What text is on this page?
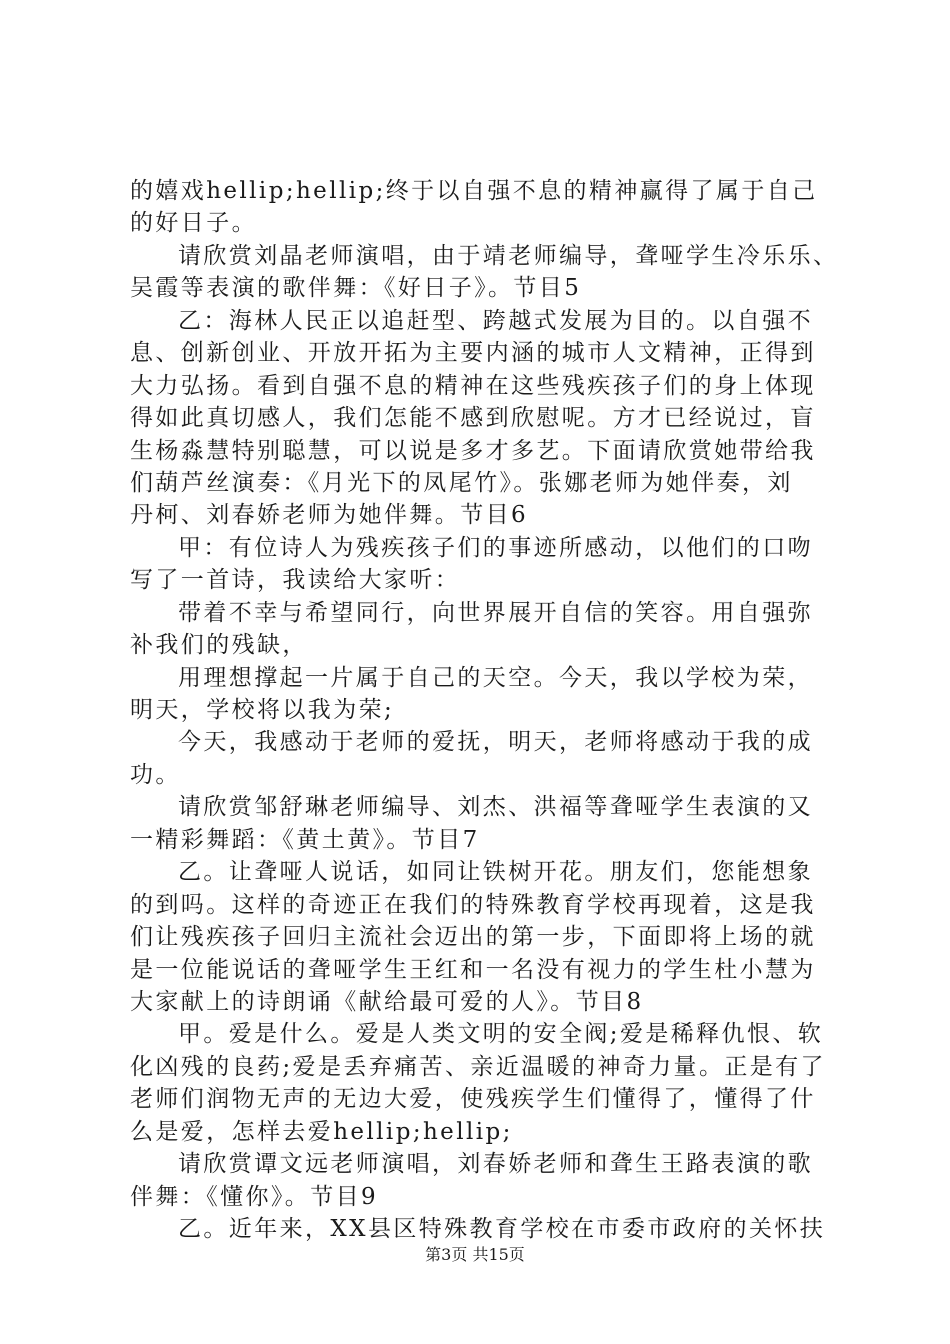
的嬉戏hellip;hellip;终于以自强不息的精神赢得了属于自己
的好日子。
请欣赏刘晶老师演唱，由于靖老师编导，聋哑学生冷乐乐、
吴霞等表演的歌伴舞：《好日子》。节目5
乙：海林人民正以追赶型、跨越式发展为目的。以自强不
息、创新创业、开放开拓为主要内涵的城市人文精神，正得到
大力弘扬。看到自强不息的精神在这些残疾孩子们的身上体现
得如此真切感人，我们怎能不感到欣慰呢。方才已经说过，盲
生杨淼慧特别聪慧，可以说是多才多艺。下面请欣赏她带给我
们葫芦丝演奏：《月光下的凤尾竹》。张娜老师为她伴奏，刘
丹柯、刘春娇老师为她伴舞。节目6
甲：有位诗人为残疾孩子们的事迹所感动，以他们的口吻
写了一首诗，我读给大家听：
带着不幸与希望同行，向世界展开自信的笑容。用自强弥
补我们的残缺，
用理想撑起一片属于自己的天空。今天，我以学校为荣，
明天，学校将以我为荣;
今天，我感动于老师的爱抚，明天，老师将感动于我的成
功。
请欣赏邹舒琳老师编导、刘杰、洪福等聋哑学生表演的又
一精彩舞蹈：《黄土黄》。节目7
乙。让聋哑人说话，如同让铁树开花。朋友们，您能想象
的到吗。这样的奇迹正在我们的特殊教育学校再现着，这是我
们让残疾孩子回归主流社会迈出的第一步，下面即将上场的就
是一位能说话的聋哑学生王红和一名没有视力的学生杜小慧为
大家献上的诗朗诵《献给最可爱的人》。节目8
甲。爱是什么。爱是人类文明的安全阀;爱是稀释仇恨、软
化凶残的良药;爱是丢弃痛苦、亲近温暖的神奇力量。正是有了
老师们润物无声的无边大爱，使残疾学生们懂得了，懂得了什
么是爱，怎样去爱hellip;hellip;
请欣赏谭文远老师演唱，刘春娇老师和聋生王路表演的歌
伴舞：《懂你》。节目9
乙。近年来，XX县区特殊教育学校在市委市政府的关怀扶
第3页 共15页
